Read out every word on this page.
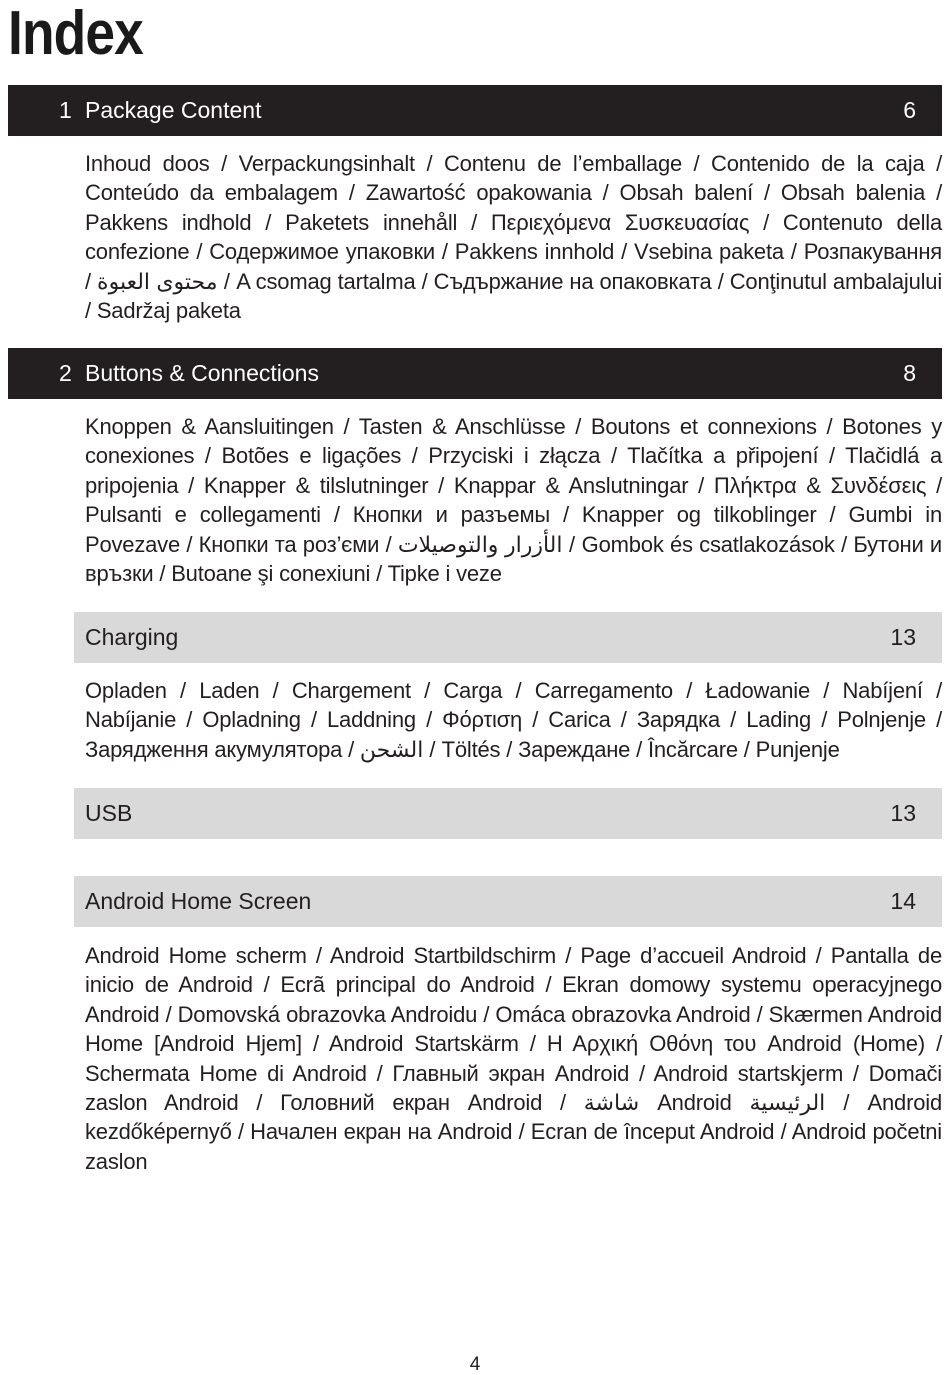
Index
1 Package Content	6
Inhoud doos / Verpackungsinhalt / Contenu de l’emballage / Contenido de la caja / Conteúdo da embalagem / Zawartość opakowania / Obsah balení / Obsah balenia / Pakkens indhold / Paketets innehåll / Περιεχόμενα Συσκευασίας / Contenuto della confezione / Содержимое упаковки / Pakkens innhold / Vsebina paketa / Розпакування / محتوى العبوة / A csomag tartalma / Съдържание на опаковката / Conţinutul ambalajului / Sadržaj paketa
2 Buttons & Connections	8
Knoppen & Aansluitingen / Tasten & Anschlüsse / Boutons et connexions / Botones y conexiones / Botões e ligações / Przyciski i złącza / Tlačítka a připojení / Tlačidlá a pripojenia / Knapper & tilslutninger / Knappar & Anslutningar / Πλήκτρα & Συνδέσεις / Pulsanti e collegamenti / Кнопки и разъемы / Knapper og tilkoblinger / Gumbi in Povezave / Кнопки та роз’єми / الأزرار والتوصيلات / Gombok és csatlakozások / Бутони и връзки / Butoane şi conexiuni / Tipke i veze
Charging	13
Opladen / Laden / Chargement / Carga / Carregamento / Ładowanie / Nabíjení / Nabíjanie / Opladning / Laddning / Φόρτιση / Carica / Зарядка / Lading / Polnjenje / Зарядження акумулятора / الشحن / Töltés / Зареждане / Încărcare / Punjenje
USB	13
Android Home Screen	14
Android Home scherm / Android Startbildschirm / Page d’accueil Android / Pantalla de inicio de Android / Ecrã principal do Android / Ekran domowy systemu operacyjnego Android / Domovská obrazovka Androidu / Omáca obrazovka Android / Skærmen Android Home [Android Hjem] / Android Startskärm / Η Αρχική Οθόνη του Android (Home) / Schermata Home di Android / Главный экран Android / Android startskjerm / Domači zaslon Android / Головний екран Android / شاشة Android الرئيسية / Android kezdőképernyő / Начален екран на Android / Ecran de început Android / Android početni zaslon
4
